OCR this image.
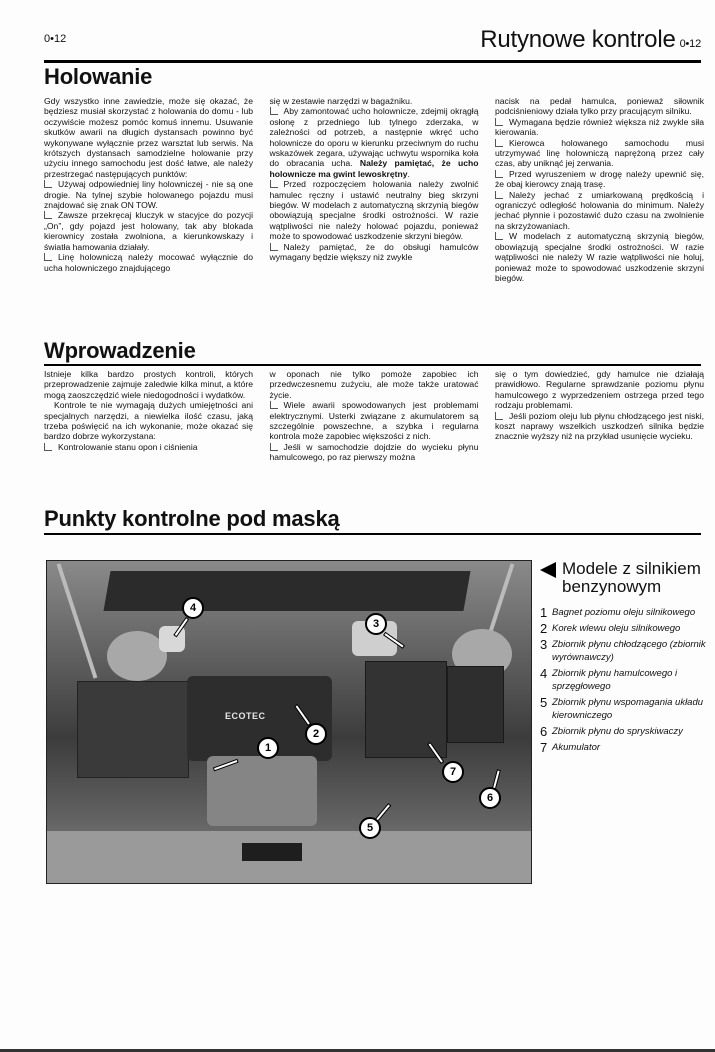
0•12	Rutynowe kontrole 0•12
Holowanie

Gdy wszystko inne zawiedzie, może się okazać, że będziesz musiał skorzystać z holowania do domu - lub oczywiście możesz pomóc komuś innemu. Usuwanie skutków awarii na długich dystansach powinno być wykonywane wyłącznie przez warsztat lub serwis. Na krótszych dystansach samodzielne holowanie przy użyciu innego samochodu jest dość łatwe, ale należy przestrzegać następujących punktów:

Używaj odpowiedniej liny holowniczej - nie są one drogie. Na tylnej szybie holowanego pojazdu musi znajdować się znak ON TOW.

Zawsze przekręcaj kluczyk w stacyjce do pozycji „On”, gdy pojazd jest holowany, tak aby blokada kierownicy została zwolniona, a kierunkowskazy i światła hamowania działały.

Linę holowniczą należy mocować wyłącznie do ucha holowniczego znajdującego

się w zestawie narzędzi w bagażniku.

Aby zamontować ucho holownicze, zdejmij okrągłą osłonę z przedniego lub tylnego zderzaka, w zależności od potrzeb, a następnie wkręć ucho holownicze do oporu w kierunku przeciwnym do ruchu wskazówek zegara, używając uchwytu wspornika koła do obracania ucha. Należy pamiętać, że ucho holownicze ma gwint lewoskrętny.

Przed rozpoczęciem holowania należy zwolnić hamulec ręczny i ustawić neutralny bieg skrzyni biegów. W modelach z automatyczną skrzynią biegów obowiązują specjalne środki ostrożności. W razie wątpliwości nie należy holować pojazdu, ponieważ może to spowodować uszkodzenie skrzyni biegów.

Należy pamiętać, że do obsługi hamulców wymagany będzie większy niż zwykle

nacisk na pedał hamulca, ponieważ siłownik podciśnieniowy działa tylko przy pracującym silniku.

Wymagana będzie również większa niż zwykle siła kierowania.

Kierowca holowanego samochodu musi utrzymywać linę holowniczą naprężoną przez cały czas, aby uniknąć jej zerwania.

Przed wyruszeniem w drogę należy upewnić się, że obaj kierowcy znają trasę.

Należy jechać z umiarkowaną prędkością i ograniczyć odległość holowania do minimum. Należy jechać płynnie i pozostawić dużo czasu na zwolnienie na skrzyżowaniach.

W modelach z automatyczną skrzynią biegów, obowiązują specjalne środki ostrożności. W razie wątpliwości nie należy W razie wątpliwości nie holuj, ponieważ może to spowodować uszkodzenie skrzyni biegów.

Wprowadzenie

Istnieje kilka bardzo prostych kontroli, których przeprowadzenie zajmuje zaledwie kilka minut, a które mogą zaoszczędzić wiele niedogodności i wydatków.

Kontrole te nie wymagają dużych umiejętności ani specjalnych narzędzi, a niewielka ilość czasu, jaką trzeba poświęcić na ich wykonanie, może okazać się bardzo dobrze wykorzystana:

Kontrolowanie stanu opon i ciśnienia

w oponach nie tylko pomoże zapobiec ich przedwczesnemu zużyciu, ale może także uratować życie.

Wiele awarii spowodowanych jest problemami elektrycznymi. Usterki związane z akumulatorem są szczególnie powszechne, a szybka i regularna kontrola może zapobiec większości z nich.

Jeśli w samochodzie dojdzie do wycieku płynu hamulcowego, po raz pierwszy można

się o tym dowiedzieć, gdy hamulce nie działają prawidłowo. Regularne sprawdzanie poziomu płynu hamulcowego z wyprzedzeniem ostrzega przed tego rodzaju problemami.

Jeśli poziom oleju lub płynu chłodzącego jest niski, koszt naprawy wszelkich uszkodzeń silnika będzie znacznie wyższy niż na przykład usunięcie wycieku.

Punkty kontrolne pod maską
ECOTEC
1
2
3
4
5
6
7
Modele z silnikiem benzynowym
1 Bagnet poziomu oleju silnikowego
2 Korek wlewu oleju silnikowego
3 Zbiornik płynu chłodzącego (zbiornik wyrównawczy)
4 Zbiornik płynu hamulcowego i sprzęgłowego
5 Zbiornik płynu wspomagania układu kierowniczego
6 Zbiornik płynu do spryskiwaczy
7 Akumulator
